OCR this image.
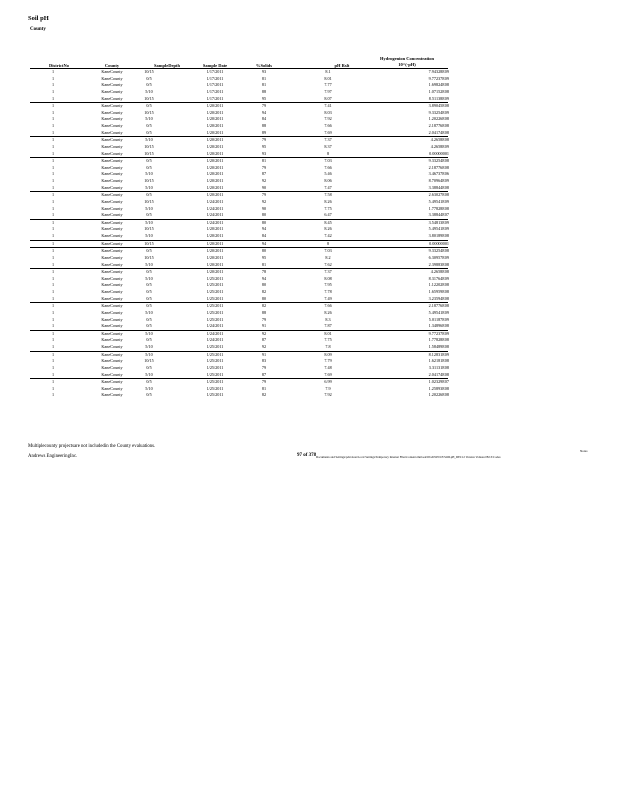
Soil pH
County
DistrictNo	County	SampleDepth	Sample Date	%Solids	pH Rslt
Hydrogenion Concentration
10^(-pH)
1	KaneCounty	10/15	1/17/2011	93	8.1	7.94328E09
1	KaneCounty	0/5	1/17/2011	81	8.01	9.77237E09
1	KaneCounty	0/5	1/17/2011	81	7.77	1.69824E08
1	KaneCounty	5/10	1/17/2011	88	7.97	1.07152E08
1	KaneCounty	10/15	1/17/2011	95	8.07	8.51138E09
1	KaneCounty	0/5	1/20/2011	79	7.41	3.89045E08
1	KaneCounty	10/15	1/20/2011	94	8.03	9.33254E09
1	KaneCounty	5/10	1/20/2011	84	7.92	1.20226E08
1	KaneCounty	0/5	1/20/2011	88	7.66	2.18776E08
1	KaneCounty	0/5	1/20/2011	89	7.69	2.04174E08
1	KaneCounty	5/10	1/20/2011	79	7.37	4.2658E08
1	KaneCounty	10/15	1/20/2011	95	8.37	4.2658E09
1	KaneCounty	10/15	1/20/2011	93	8	0.00000001
1	KaneCounty	0/5	1/20/2011	81	7.03	9.33254E08
1	KaneCounty	0/5	1/20/2011	79	7.66	2.18776E08
1	KaneCounty	5/10	1/20/2011	87	5.46	3.46737E06
1	KaneCounty	10/15	1/20/2011	92	8.06	8.70964E09
1	KaneCounty	5/10	1/20/2011	90	7.47	3.38844E08
1	KaneCounty	0/5	1/20/2011	79	7.58	2.63027E08
1	KaneCounty	10/15	1/24/2011	92	8.26	5.49541E09
1	KaneCounty	5/10	1/24/2011	90	7.75	1.77828E08
1	KaneCounty	0/5	1/24/2011	80	6.47	3.38844E07
1	KaneCounty	5/10	1/24/2011	80	8.45	3.54813E09
1	KaneCounty	10/15	1/20/2011	94	8.26	5.49541E09
1	KaneCounty	5/10	1/20/2011	84	7.42	3.80189E08
1	KaneCounty	10/15	1/20/2011	94	8	0.00000001
1	KaneCounty	0/5	1/20/2011	80	7.03	9.33254E08
1	KaneCounty	10/15	1/20/2011	95	8.2	6.30957E09
1	KaneCounty	5/10	1/20/2011	81	7.62	2.39883E08
1	KaneCounty	0/5	1/20/2011	78	7.37	4.2658E08
1	KaneCounty	5/10	1/25/2011	94	8.08	8.31764E09
1	KaneCounty	0/5	1/25/2011	80	7.95	1.12202E08
1	KaneCounty	0/5	1/25/2011	82	7.78	1.65959E08
1	KaneCounty	0/5	1/25/2011	80	7.49	3.23594E08
1	KaneCounty	0/5	1/25/2011	82	7.66	2.18776E08
1	KaneCounty	5/10	1/25/2011	88	8.26	5.49541E09
1	KaneCounty	0/5	1/25/2011	79	8.3	5.01187E09
1	KaneCounty	0/5	1/24/2011	91	7.87	1.34896E08
1	KaneCounty	5/10	1/24/2011	92	8.01	9.77237E09
1	KaneCounty	0/5	1/24/2011	87	7.75	1.77828E08
1	KaneCounty	5/10	1/25/2011	92	7.8	1.58489E08
1	KaneCounty	5/10	1/25/2011	91	8.09	8.12831E09
1	KaneCounty	10/15	1/25/2011	83	7.79	1.62181E08
1	KaneCounty	0/5	1/25/2011	79	7.48	3.31131E08
1	KaneCounty	5/10	1/25/2011	87	7.69	2.04174E08
1	KaneCounty	0/5	1/25/2011	79	6.99	1.02329E07
1	KaneCounty	5/10	1/25/2011	81	7.9	1.25893E08
1	KaneCounty	0/5	1/25/2011	82	7.92	1.20226E08
Multiplecounty projectsare not includedin the County evaluations.
Andrews EngineeringInc.	97 of 378 Documents and Settings\pdavison\Local Settings\Temporary Internet Files\Content.Outlook\NGZN2W1E\SOILpH_DEC12 Version Voileau 08/13/Codes
Notes
